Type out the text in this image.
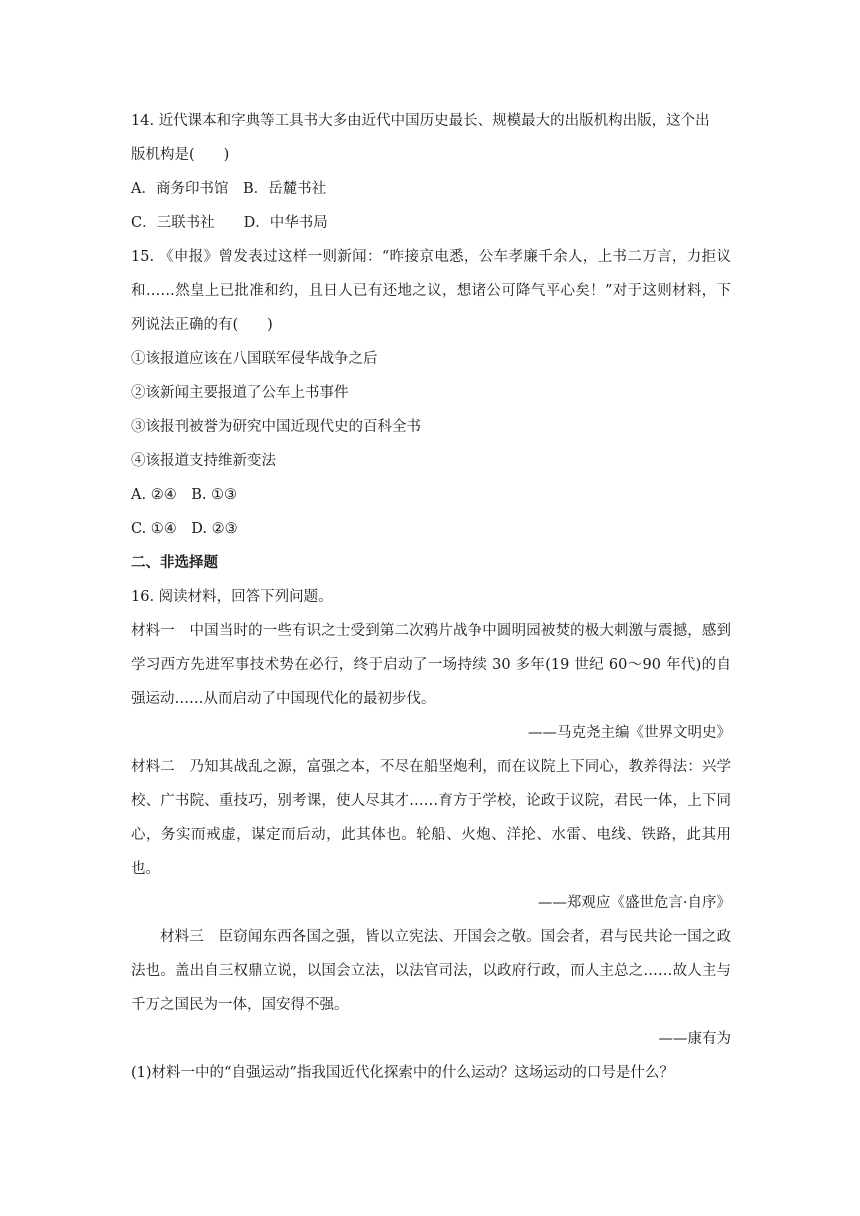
14. 近代课本和字典等工具书大多由近代中国历史最长、规模最大的出版机构出版，这个出
版机构是(　　)
A．商务印书馆　B．岳麓书社
C．三联书社　　D．中华书局

15. 《申报》曾发表过这样一则新闻：“昨接京电悉，公车孝廉千余人，上书二万言，力拒议和……然皇上已批准和约，且日人已有还地之议，想诸公可降气平心矣！”对于这则材料，下列说法正确的有(　　)

①该报道应该在八国联军侵华战争之后
②该新闻主要报道了公车上书事件
③该报刊被誉为研究中国近现代史的百科全书
④该报道支持维新变法
A. ②④　B. ①③
C. ①④　D. ②③
二、非选择题
16. 阅读材料，回答下列问题。

材料一　中国当时的一些有识之士受到第二次鸦片战争中圆明园被焚的极大刺激与震撼，感到学习西方先进军事技术势在必行，终于启动了一场持续 30 多年(19 世纪 60～90 年代)的自强运动……从而启动了中国现代化的最初步伐。

——马克尧主编《世界文明史》

材料二　乃知其战乱之源，富强之本，不尽在船坚炮利，而在议院上下同心，教养得法：兴学校、广书院、重技巧，别考课，使人尽其才……育方于学校，论政于议院，君民一体，上下同心，务实而戒虚，谋定而后动，此其体也。轮船、火炮、洋抡、水雷、电线、铁路，此其用也。

——郑观应《盛世危言·自序》

材料三　臣窃闻东西各国之强，皆以立宪法、开国会之敬。国会者，君与民共论一国之政法也。盖出自三权鼎立说，以国会立法，以法官司法，以政府行政，而人主总之……故人主与千万之国民为一体，国安得不强。

——康有为
(1)材料一中的“自强运动”指我国近代化探索中的什么运动？这场运动的口号是什么？
